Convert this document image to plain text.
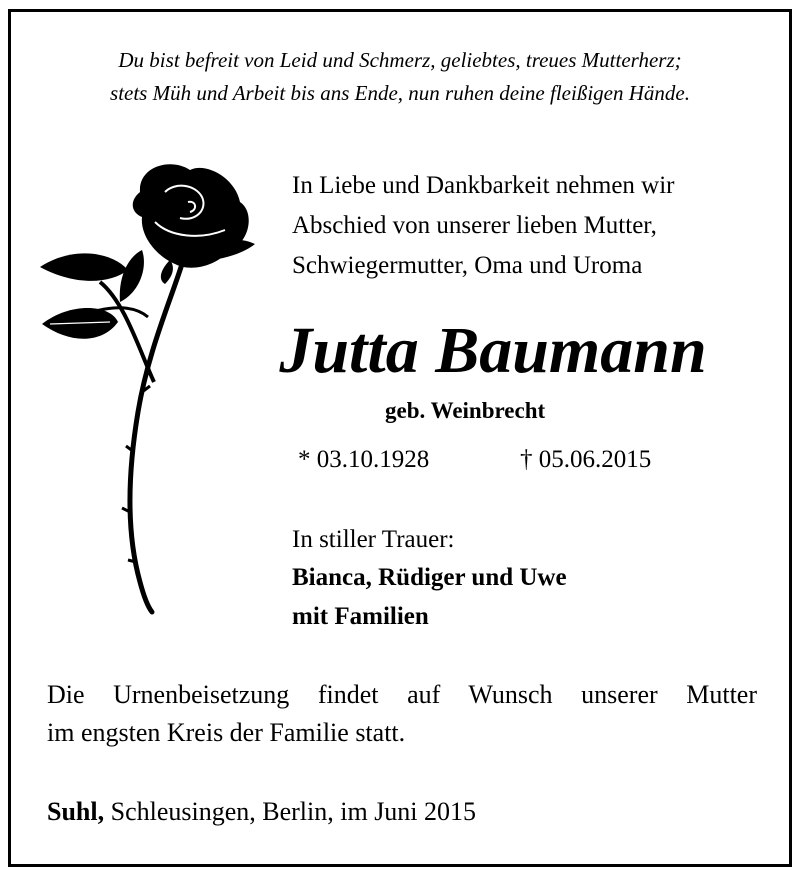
Du bist befreit von Leid und Schmerz, geliebtes, treues Mutterherz;
stets Müh und Arbeit bis ans Ende, nun ruhen deine fleißigen Hände.
In Liebe und Dankbarkeit nehmen wir
Abschied von unserer lieben Mutter,
Schwiegermutter, Oma und Uroma
Jutta Baumann
geb. Weinbrecht
* 03.10.1928	† 05.06.2015
In stiller Trauer:
Bianca, Rüdiger und Uwe
mit Familien
Die Urnenbeisetzung findet auf Wunsch unserer Mutter
im engsten Kreis der Familie statt.
Suhl, Schleusingen, Berlin, im Juni 2015
